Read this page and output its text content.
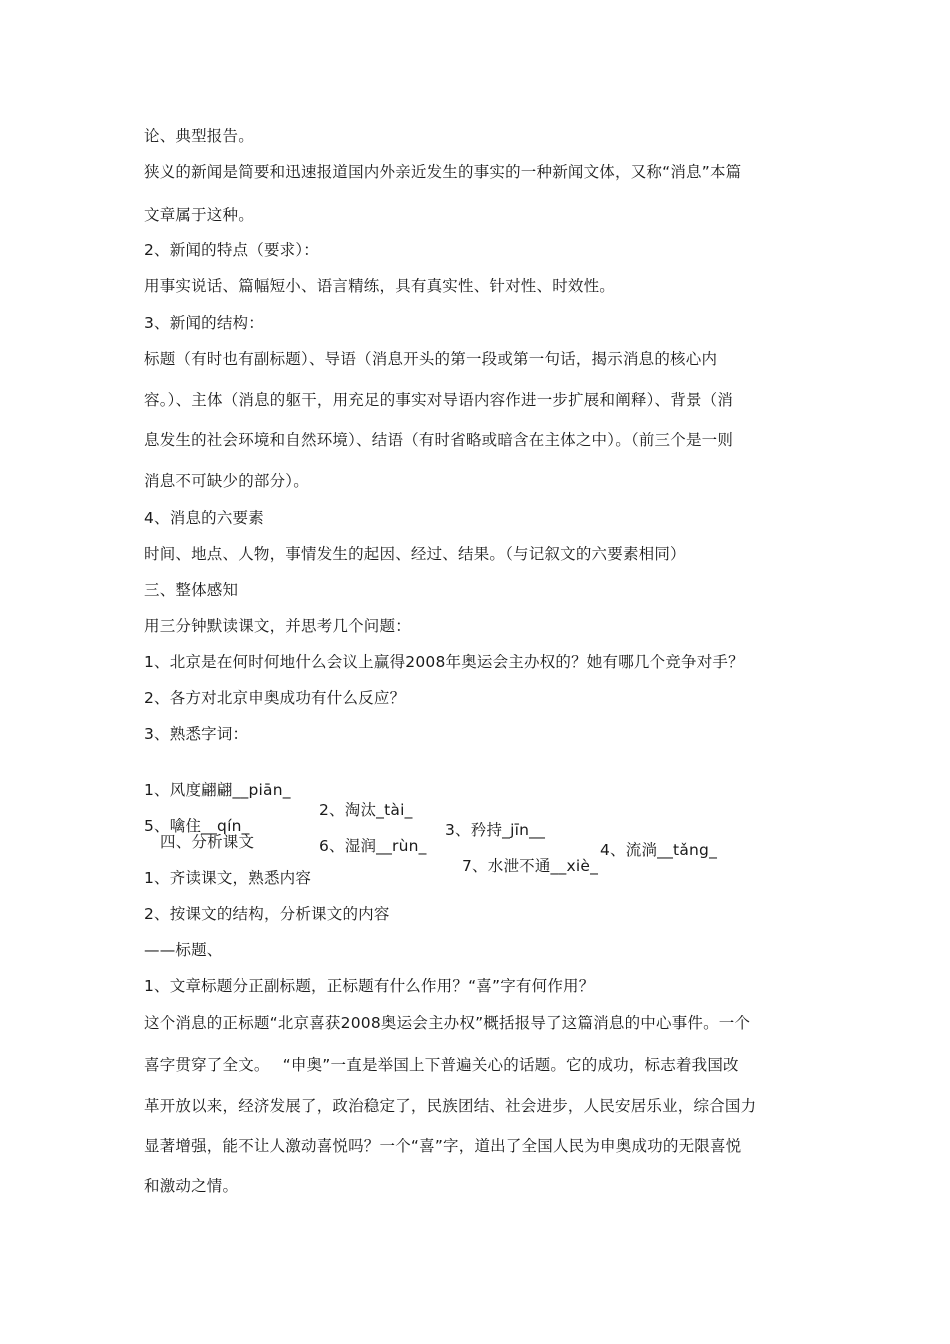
论、典型报告。
狭义的新闻是简要和迅速报道国内外亲近发生的事实的一种新闻文体，又称“消息”本篇
文章属于这种。
2、新闻的特点（要求）：
用事实说话、篇幅短小、语言精练，具有真实性、针对性、时效性。
3、新闻的结构：
标题（有时也有副标题）、导语（消息开头的第一段或第一句话，揭示消息的核心内
容。）、主体（消息的躯干，用充足的事实对导语内容作进一步扩展和阐释）、背景（消
息发生的社会环境和自然环境）、结语（有时省略或暗含在主体之中）。（前三个是一则
消息不可缺少的部分）。
4、消息的六要素
时间、地点、人物，事情发生的起因、经过、结果。（与记叙文的六要素相同）
三、整体感知
用三分钟默读课文，并思考几个问题：
1、北京是在何时何地什么会议上赢得2008年奥运会主办权的？她有哪几个竞争对手？
2、各方对北京申奥成功有什么反应？
3、熟悉字词：

1、风度翩翩__piān_

2、淘汰_tài_

3、矜持_jīn__

4、流淌__tǎng_

5、噙住__qín_

6、湿润__rùn_

7、水泄不通__xiè_

四、分析课文
1、齐读课文，熟悉内容
2、按课文的结构，分析课文的内容
——标题、
1、文章标题分正副标题，正标题有什么作用？“喜”字有何作用？
这个消息的正标题“北京喜获2008奥运会主办权”概括报导了这篇消息的中心事件。一个
喜字贯穿了全文。　 “申奥”一直是举国上下普遍关心的话题。它的成功，标志着我国改
革开放以来，经济发展了，政治稳定了，民族团结、社会进步，人民安居乐业，综合国力
显著增强，能不让人激动喜悦吗？一个“喜”字，道出了全国人民为申奥成功的无限喜悦
和激动之情。
